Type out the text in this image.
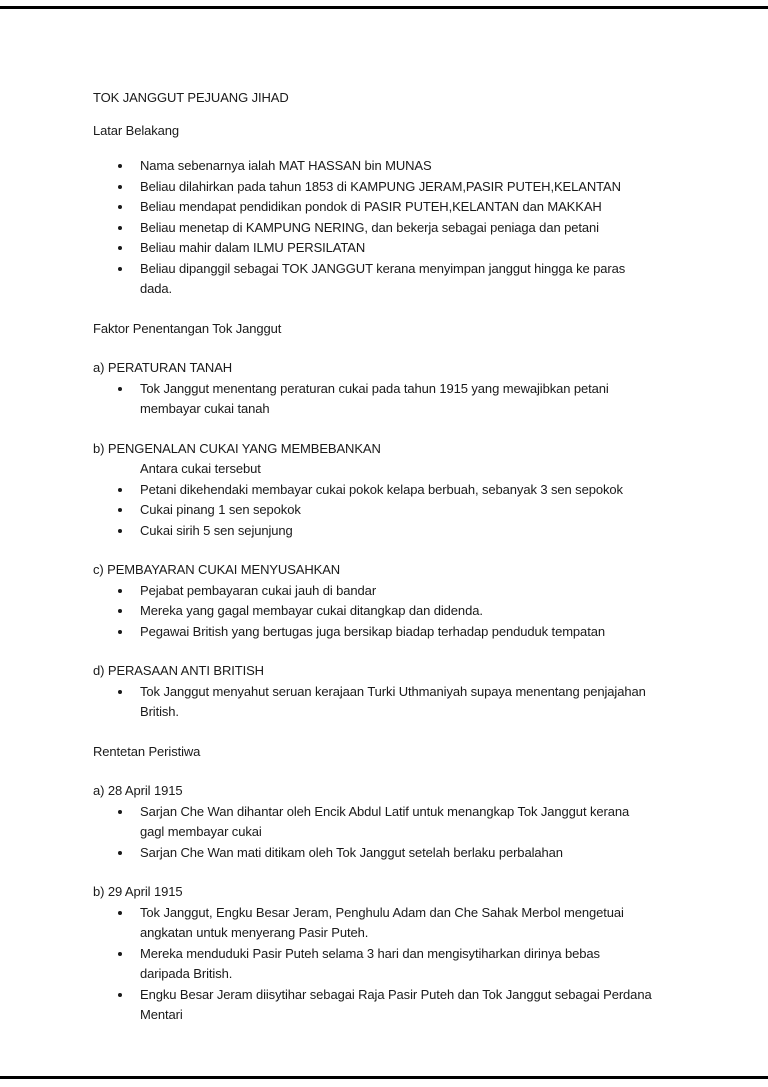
TOK JANGGUT PEJUANG JIHAD

Latar Belakang

Nama sebenarnya ialah MAT HASSAN bin MUNAS
Beliau dilahirkan pada tahun 1853 di KAMPUNG JERAM,PASIR PUTEH,KELANTAN
Beliau mendapat pendidikan pondok di PASIR PUTEH,KELANTAN dan MAKKAH
Beliau menetap di KAMPUNG NERING, dan bekerja sebagai peniaga dan petani
Beliau mahir dalam ILMU PERSILATAN
Beliau dipanggil sebagai TOK JANGGUT kerana menyimpan janggut hingga ke paras dada.

Faktor Penentangan Tok Janggut

a) PERATURAN TANAH

Tok Janggut menentang peraturan cukai pada tahun 1915 yang mewajibkan petani membayar cukai tanah

b) PENGENALAN CUKAI YANG MEMBEBANKAN

Antara cukai tersebut

Petani dikehendaki membayar cukai pokok kelapa berbuah, sebanyak 3 sen sepokok
Cukai pinang 1 sen sepokok
Cukai sirih 5 sen sejunjung

c) PEMBAYARAN CUKAI MENYUSAHKAN

Pejabat pembayaran cukai jauh di bandar
Mereka yang gagal membayar cukai ditangkap dan didenda.
Pegawai British yang bertugas juga bersikap biadap terhadap penduduk tempatan

d) PERASAAN ANTI BRITISH

Tok Janggut menyahut seruan kerajaan Turki Uthmaniyah supaya menentang penjajahan British.

Rentetan Peristiwa

a) 28 April 1915

Sarjan Che Wan dihantar oleh Encik Abdul Latif untuk menangkap Tok Janggut kerana gagl membayar cukai
Sarjan Che Wan mati ditikam oleh Tok Janggut setelah berlaku perbalahan

b) 29 April 1915

Tok Janggut, Engku Besar Jeram, Penghulu Adam dan Che Sahak Merbol mengetuai angkatan untuk menyerang Pasir Puteh.
Mereka menduduki Pasir Puteh selama 3 hari dan mengisytiharkan dirinya bebas daripada British.
Engku Besar Jeram diisytihar sebagai Raja Pasir Puteh dan Tok Janggut sebagai Perdana Mentari
